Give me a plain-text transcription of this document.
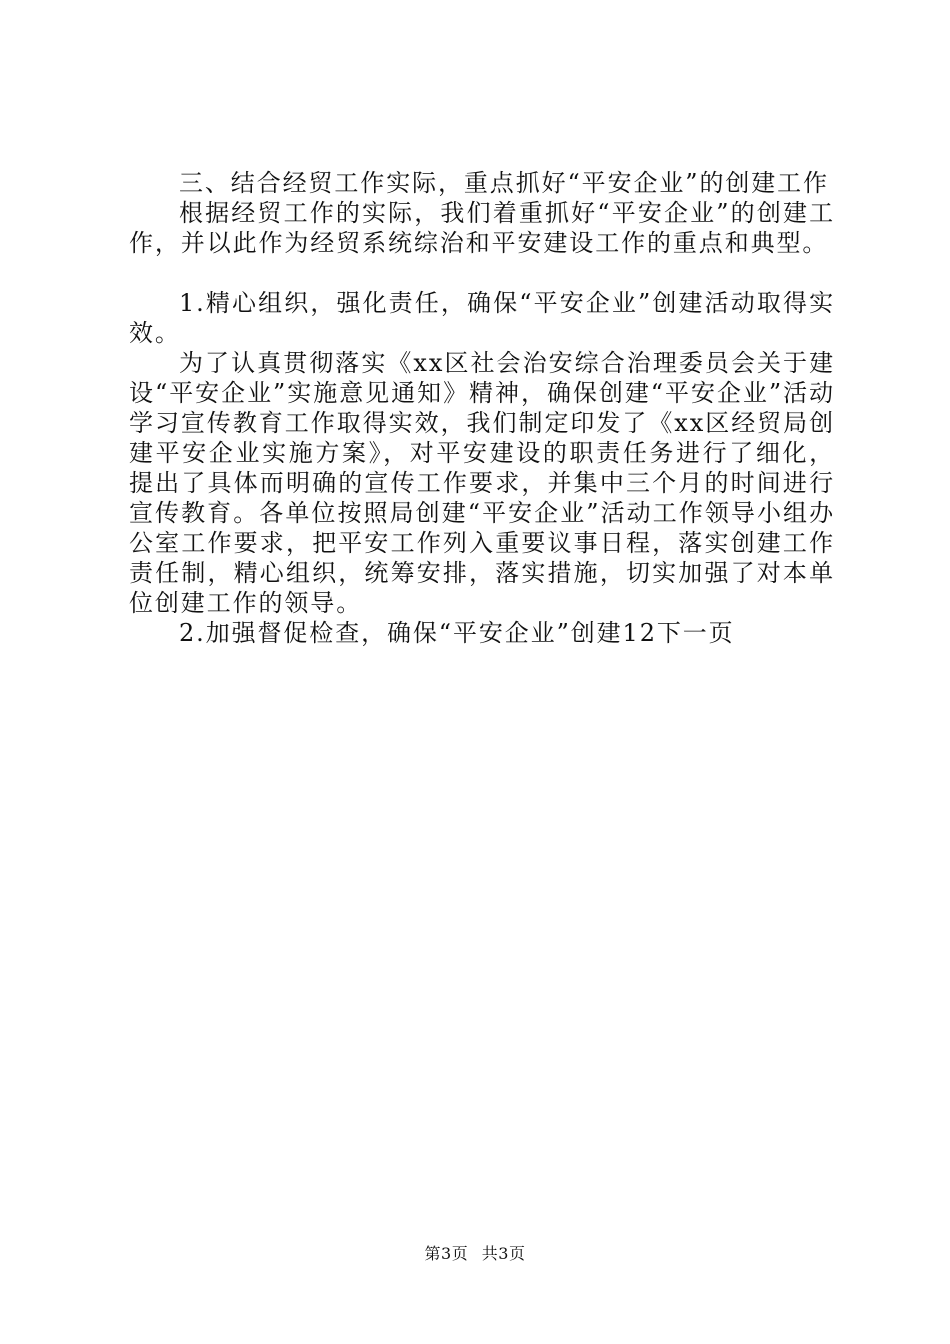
三、结合经贸工作实际，重点抓好“平安企业”的创建工作

根据经贸工作的实际，我们着重抓好“平安企业”的创建工作，并以此作为经贸系统综治和平安建设工作的重点和典型。

1.精心组织，强化责任，确保“平安企业”创建活动取得实效。

为了认真贯彻落实《xx区社会治安综合治理委员会关于建设“平安企业”实施意见通知》精神，确保创建“平安企业”活动学习宣传教育工作取得实效，我们制定印发了《xx区经贸局创建平安企业实施方案》，对平安建设的职责任务进行了细化，提出了具体而明确的宣传工作要求，并集中三个月的时间进行宣传教育。各单位按照局创建“平安企业”活动工作领导小组办公室工作要求，把平安工作列入重要议事日程，落实创建工作责任制，精心组织，统筹安排，落实措施，切实加强了对本单位创建工作的领导。

2.加强督促检查，确保“平安企业”创建12下一页

第3页 共3页
